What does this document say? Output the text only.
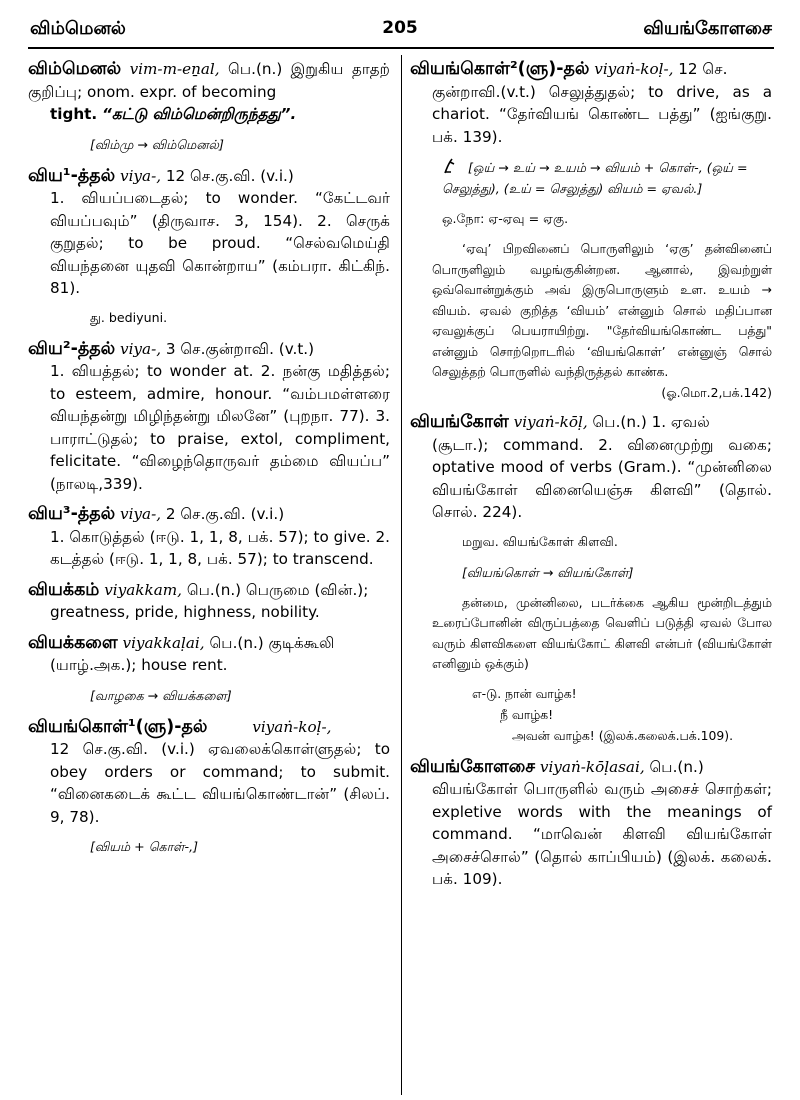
விம்மெனல்	205	வியங்கோளசை
விம்மெனல் vim-m-eṉal, பெ.(n.) இறுகிய தாதற் குறிப்பு; onom. expr. of becoming
tight. “கட்டு விம்மென்றிருந்தது”.
[விம்மு → விம்மெனல்]
விய¹-த்தல் viya-, 12 செ.கு.வி. (v.i.)
1. வியப்படைதல்; to wonder. “கேட்டவர் வியப்பவும்” (திருவாச. 3, 154). 2. செருக் குறுதல்; to be proud. “செல்வமெய்தி வியந்தனை யுதவி கொன்றாய” (கம்பரா. கிட்கிந். 81).
து. bediyuni.
விய²-த்தல் viya-, 3 செ.குன்றாவி. (v.t.)
1. வியத்தல்; to wonder at. 2. நன்கு மதித்தல்; to esteem, admire, honour. “வம்பமள்ளரை வியந்தன்று மிழிந்தன்று மிலனே” (புறநா. 77). 3. பாராட்டுதல்; to praise, extol, compliment, felicitate. “விழைந்தொருவர் தம்மை வியப்ப” (நாலடி,339).
விய³-த்தல் viya-, 2 செ.கு.வி. (v.i.)
1. கொடுத்தல் (ஈடு. 1, 1, 8, பக். 57); to give. 2. கடத்தல் (ஈடு. 1, 1, 8, பக். 57); to transcend.
வியக்கம் viyakkam, பெ.(n.) பெருமை (வின்.);
greatness, pride, highness, nobility.
வியக்களை viyakkaḷai, பெ.(n.) குடிக்கூலி
(யாழ்.அக.); house rent.
[வாழகை → வியக்களை]
வியங்கொள்¹(ளு)-தல்	viyaṅ-koḷ-,
12 செ.கு.வி. (v.i.) ஏவலைக்கொள்ளுதல்; to obey orders or command; to submit. “வினைகடைக் கூட்ட வியங்கொண்டான்” (சிலப். 9, 78).
[வியம் + கொள்-,]
வியங்கொள்²(ளு)-தல் viyaṅ-koḷ-, 12 செ.
குன்றாவி.(v.t.) செலுத்துதல்; to drive, as a chariot. “தேர்வியங் கொண்ட பத்து” (ஐங்குறு. பக். 139).
[ஒய் → உய் → உயம் → வியம் + கொள்-, (ஒய் = செலுத்து), (உய் = செலுத்து) வியம் = ஏவல்.]
ஒ.நோ: ஏ-ஏவு = ஏகு.
‘ஏவு’ பிறவினைப் பொருளிலும் ‘ஏகு’ தன்வினைப் பொருளிலும் வழங்குகின்றன. ஆனால், இவற்றுள் ஒவ்வொன்றுக்கும் அவ் இருபொருளும் உள. உயம் → வியம். ஏவல் குறித்த ‘வியம்’ என்னும் சொல் மதிப்பான ஏவலுக்குப் பெயராயிற்று. "தேர்வியங்கொண்ட பத்து" என்னும் சொற்றொடரில் ‘வியங்கொள்’ என்னுஞ் சொல் செலுத்தற் பொருளில் வந்திருத்தல் காண்க.
(ஓ.மொ.2,பக்.142)
வியங்கோள் viyaṅ-kōḷ, பெ.(n.) 1. ஏவல்
(சூடா.); command. 2. வினைமுற்று வகை; optative mood of verbs (Gram.). “முன்னிலை வியங்கோள் வினையெஞ்சு கிளவி” (தொல். சொல். 224).
மறுவ. வியங்கோள் கிளவி.
[வியங்கொள் → வியங்கோள்]
தன்மை, முன்னிலை, படர்க்கை ஆகிய மூன்றிடத்தும் உரைப்போனின் விருப்பத்தை வெளிப் படுத்தி ஏவல் போல வரும் கிளவிகளை வியங்கோட் கிளவி என்பர் (வியங்கோள் எனினும் ஒக்கும்)
எ-டு. நான் வாழ்க!
நீ வாழ்க!
அவன் வாழ்க! (இலக்.கலைக்.பக்.109).
வியங்கோளசை viyaṅ-kōḷasai, பெ.(n.)
வியங்கோள் பொருளில் வரும் அசைச் சொற்கள்; expletive words with the meanings of command. “மாவென் கிளவி வியங்கோள் அசைச்சொல்” (தொல் காப்பியம்) (இலக். கலைக். பக். 109).
